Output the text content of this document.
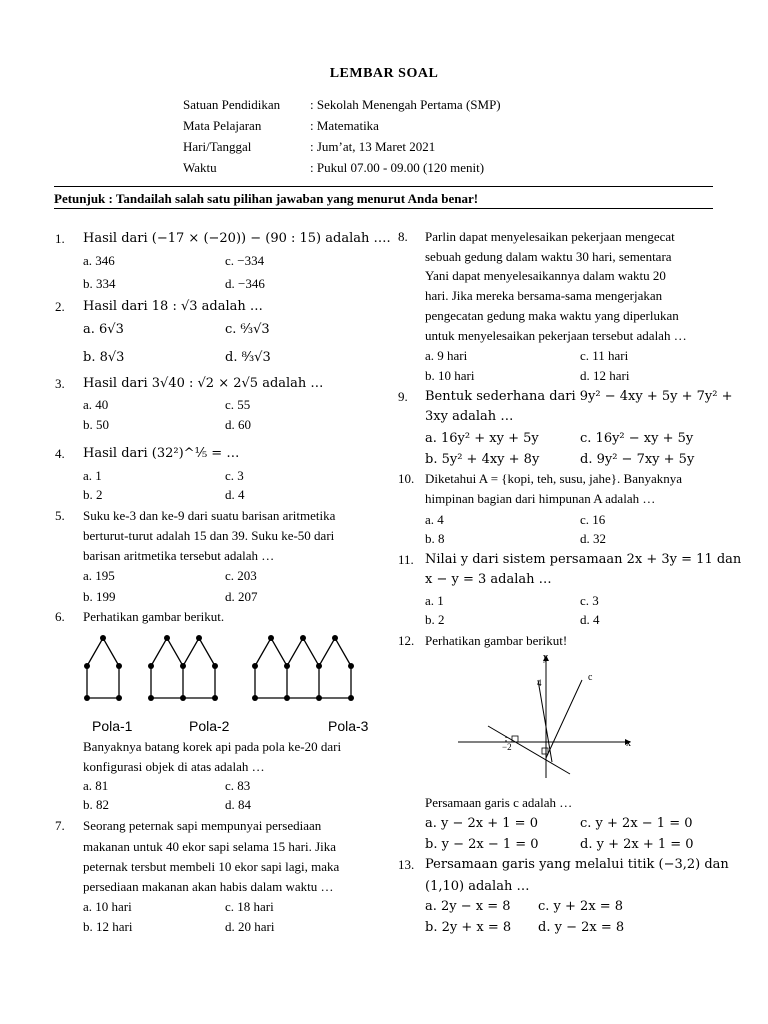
LEMBAR SOAL
Satuan Pendidikan : Sekolah Menengah Pertama (SMP)
Mata Pelajaran	: Matematika
Hari/Tanggal	: Jum’at, 13 Maret 2021
Waktu	: Pukul 07.00 - 09.00 (120 menit)
Petunjuk : Tandailah salah satu pilihan jawaban yang menurut Anda benar!
1. Hasil dari (−17 × (−20)) − (90 : 15) adalah ….
a. 346	c. −334
b. 334	d. −346
2. Hasil dari 18 : √3 adalah …
a. 6√3	c. ⁶⁄₃√3
b. 8√3	d. ⁸⁄₃√3
3. Hasil dari 3√40 : √2 × 2√5 adalah …
a. 40	c. 55
b. 50	d. 60
4. Hasil dari (32²)^⅕ = …
a. 1	c. 3
b. 2	d. 4
5. Suku ke-3 dan ke-9 dari suatu barisan aritmetika
berturut-turut adalah 15 dan 39. Suku ke-50 dari
barisan aritmetika tersebut adalah …
a. 195	c. 203
b. 199	d. 207
6. Perhatikan gambar berikut.
Pola-1	Pola-2	Pola-3
Banyaknya batang korek api pada pola ke-20 dari
konfigurasi objek di atas adalah …
a. 81	c. 83
b. 82	d. 84
7. Seorang peternak sapi mempunyai persediaan
makanan untuk 40 ekor sapi selama 15 hari. Jika
peternak tersbut membeli 10 ekor sapi lagi, maka
persediaan makanan akan habis dalam waktu …
a. 10 hari	c. 18 hari
b. 12 hari	d. 20 hari
8. Parlin dapat menyelesaikan pekerjaan mengecat
sebuah gedung dalam waktu 30 hari, sementara
Yani dapat menyelesaikannya dalam waktu 20
hari. Jika mereka bersama-sama mengerjakan
pengecatan gedung maka waktu yang diperlukan
untuk menyelesaikan pekerjaan tersebut adalah …
a. 9 hari	c. 11 hari
b. 10 hari	d. 12 hari
9. Bentuk sederhana dari 9y² − 4xy + 5y + 7y² +
3xy adalah …
a. 16y² + xy + 5y	c. 16y² − xy + 5y
b. 5y² + 4xy + 8y	d. 9y² − 7xy + 5y
10. Diketahui A = {kopi, teh, susu, jahe}. Banyaknya
himpinan bagian dari himpunan A adalah …
a. 4	c. 16
b. 8	d. 32
11. Nilai y dari sistem persamaan 2x + 3y = 11 dan
x − y = 3 adalah …
a. 1	c. 3
b. 2	d. 4
12. Perhatikan gambar berikut!
y
x
c
4
−2
Persamaan garis c adalah …
a. y − 2x + 1 = 0	c. y + 2x − 1 = 0
b. y − 2x − 1 = 0	d. y + 2x + 1 = 0
13. Persamaan garis yang melalui titik (−3,2) dan
(1,10) adalah …
a. 2y − x = 8 c. y + 2x = 8
b. 2y + x = 8 d. y − 2x = 8
